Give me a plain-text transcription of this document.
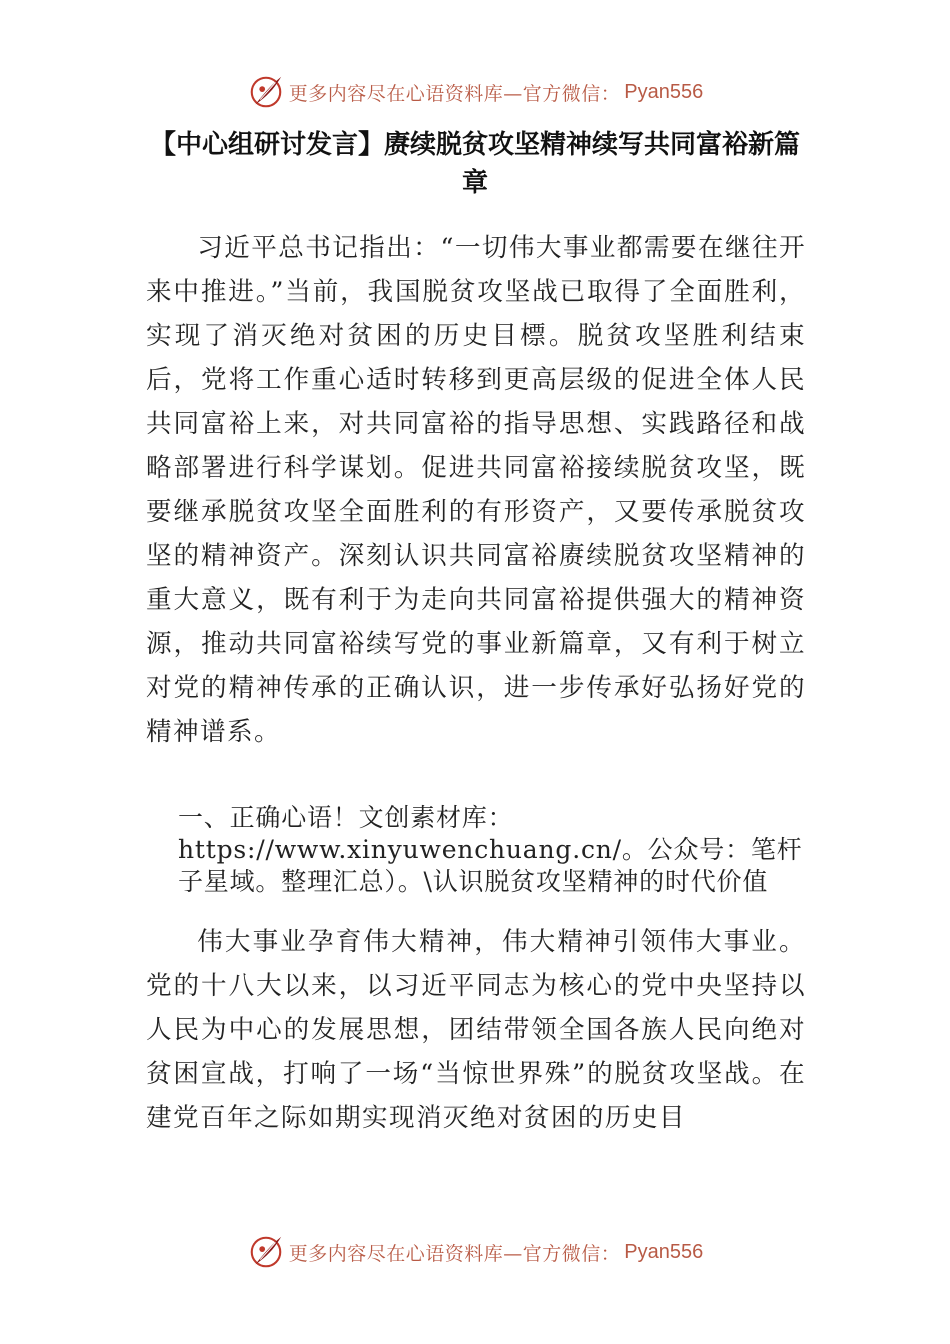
更多内容尽在心语资料库—官方微信： Pyan556
【中心组研讨发言】赓续脱贫攻坚精神续写共同富裕新篇章
习近平总书记指出：“一切伟大事业都需要在继往开来中推进。”当前，我国脱贫攻坚战已取得了全面胜利，实现了消灭绝对贫困的历史目標。脱贫攻坚胜利结束后，党将工作重心适时转移到更高层级的促进全体人民共同富裕上来，对共同富裕的指导思想、实践路径和战略部署进行科学谋划。促进共同富裕接续脱贫攻坚，既要继承脱贫攻坚全面胜利的有形资产，又要传承脱贫攻坚的精神资产。深刻认识共同富裕赓续脱贫攻坚精神的重大意义，既有利于为走向共同富裕提供强大的精神资源，推动共同富裕续写党的事业新篇章，又有利于树立对党的精神传承的正确认识，进一步传承好弘扬好党的精神谱系。
一、正确心语！文创素材库：https://www.xinyuwenchuang.cn/。公众号：笔杆子星域。整理汇总）。\认识脱贫攻坚精神的时代价值
伟大事业孕育伟大精神，伟大精神引领伟大事业。党的十八大以来，以习近平同志为核心的党中央坚持以人民为中心的发展思想，团结带领全国各族人民向绝对贫困宣战，打响了一场“当惊世界殊”的脱贫攻坚战。在建党百年之际如期实现消灭绝对贫困的历史目
更多内容尽在心语资料库—官方微信： Pyan556
